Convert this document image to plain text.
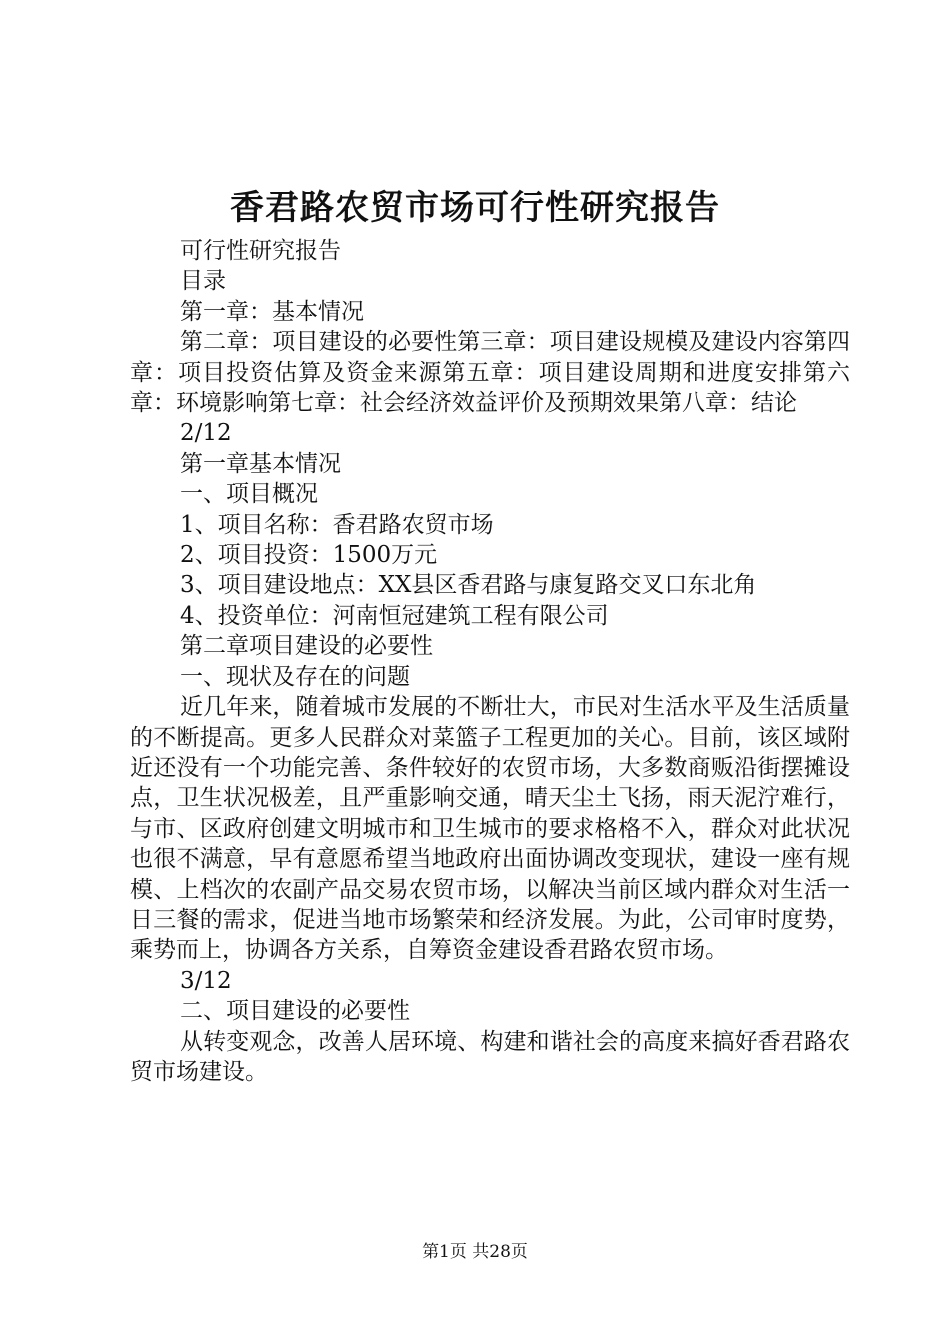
香君路农贸市场可行性研究报告

可行性研究报告

目录

第一章：基本情况

第二章：项目建设的必要性第三章：项目建设规模及建设内容第四章：项目投资估算及资金来源第五章：项目建设周期和进度安排第六章：环境影响第七章：社会经济效益评价及预期效果第八章：结论

2/12

第一章基本情况

一、项目概况

1、项目名称：香君路农贸市场

2、项目投资：1500万元

3、项目建设地点：XX县区香君路与康复路交叉口东北角

4、投资单位：河南恒冠建筑工程有限公司

第二章项目建设的必要性

一、现状及存在的问题

近几年来，随着城市发展的不断壮大，市民对生活水平及生活质量的不断提高。更多人民群众对菜篮子工程更加的关心。目前，该区域附近还没有一个功能完善、条件较好的农贸市场，大多数商贩沿街摆摊设点，卫生状况极差，且严重影响交通，晴天尘土飞扬，雨天泥泞难行，与市、区政府创建文明城市和卫生城市的要求格格不入，群众对此状况也很不满意，早有意愿希望当地政府出面协调改变现状，建设一座有规模、上档次的农副产品交易农贸市场，以解决当前区域内群众对生活一日三餐的需求，促进当地市场繁荣和经济发展。为此，公司审时度势，乘势而上，协调各方关系，自筹资金建设香君路农贸市场。

3/12

二、项目建设的必要性

从转变观念，改善人居环境、构建和谐社会的高度来搞好香君路农贸市场建设。

第1页 共28页
